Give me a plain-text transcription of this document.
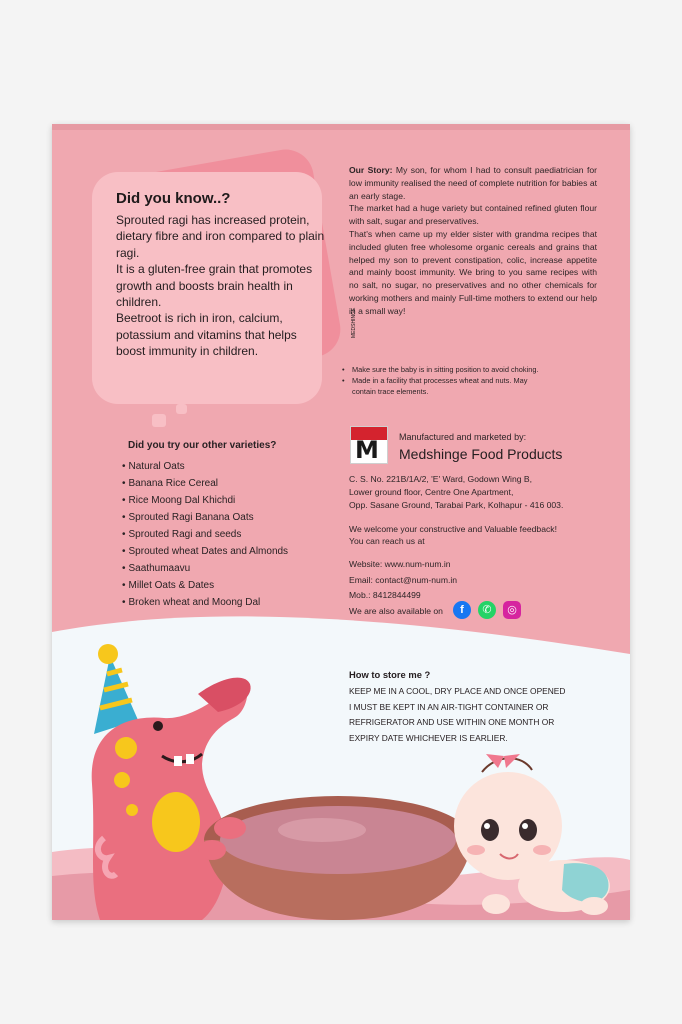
Did you know..?

Sprouted ragi has increased protein, dietary fibre and iron compared to plain ragi.

It is a gluten-free grain that promotes growth and boosts brain health in children.

Beetroot is rich in iron, calcium, potassium and vitamins that helps boost immunity in children.

Did you try our other varieties?
• Natural Oats
• Banana Rice Cereal
• Rice Moong Dal Khichdi
• Sprouted Ragi Banana Oats
• Sprouted Ragi and seeds
• Sprouted wheat Dates and Almonds
• Saathumaavu
• Millet Oats & Dates
• Broken wheat and Moong Dal

Our Story: My son, for whom I had to consult paediatrician for low immunity realised the need of complete nutrition for babies at an early stage.

The market had a huge variety but contained refined gluten flour with salt, sugar and preservatives.

That's when came up my elder sister with grandma recipes that included gluten free wholesome organic cereals and grains that helped my son to prevent constipation, colic, increase appetite and mainly boost immunity. We bring to you same recipes with no salt, no sugar, no preservatives and no other chemicals for working mothers and mainly Full-time mothers to extend our help in a small way!

• Make sure the baby is in sitting position to avoid choking.
• Made in a facility that processes wheat and nuts. May contain trace elements.
M Manufactured and marketed by:
Medshinge Food Products
C. S. No. 221B/1A/2, 'E' Ward, Godown Wing B,
Lower ground floor, Centre One Apartment,
Opp. Sasane Ground, Tarabai Park, Kolhapur - 416 003.
We welcome your constructive and Valuable feedback!
You can reach us at
Website: www.num-num.in
Email: contact@num-num.in
Mob.: 8412844499
We are also available on	f	✆	◎
How to store me ?
KEEP ME IN A COOL, DRY PLACE AND ONCE OPENED
I MUST BE KEPT IN AN AIR-TIGHT CONTAINER OR
REFRIGERATOR AND USE WITHIN ONE MONTH OR
EXPIRY DATE WHICHEVER IS EARLIER.
MEDSHINGE
